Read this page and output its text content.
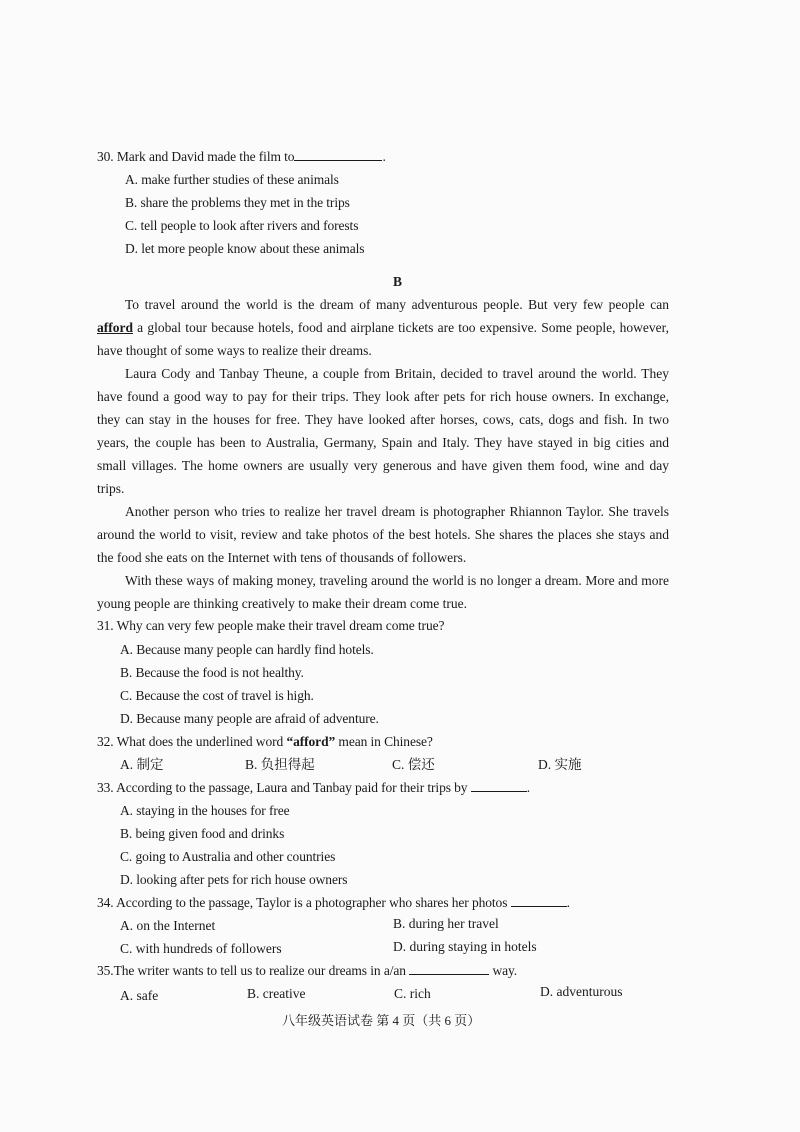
30. Mark and David made the film to	.
A. make further studies of these animals
B. share the problems they met in the trips
C. tell people to look after rivers and forests
D. let more people know about these animals
B
To travel around the world is the dream of many adventurous people. But very few people can afford a global tour because hotels, food and airplane tickets are too expensive. Some people, however, have thought of some ways to realize their dreams.
Laura Cody and Tanbay Theune, a couple from Britain, decided to travel around the world. They have found a good way to pay for their trips. They look after pets for rich house owners. In exchange, they can stay in the houses for free. They have looked after horses, cows, cats, dogs and fish. In two years, the couple has been to Australia, Germany, Spain and Italy. They have stayed in big cities and small villages. The home owners are usually very generous and have given them food, wine and day trips.
Another person who tries to realize her travel dream is photographer Rhiannon Taylor. She travels around the world to visit, review and take photos of the best hotels. She shares the places she stays and the food she eats on the Internet with tens of thousands of followers.
With these ways of making money, traveling around the world is no longer a dream. More and more young people are thinking creatively to make their dream come true.
31. Why can very few people make their travel dream come true?
A. Because many people can hardly find hotels.
B. Because the food is not healthy.
C. Because the cost of travel is high.
D. Because many people are afraid of adventure.
32. What does the underlined word “afford” mean in Chinese?
A. 制定	B. 负担得起	C. 偿还	D. 实施
33. According to the passage, Laura and Tanbay paid for their trips by	.
A. staying in the houses for free
B. being given food and drinks
C. going to Australia and other countries
D. looking after pets for rich house owners
34. According to the passage, Taylor is a photographer who shares her photos	.
A. on the Internet	B. during her travel
C. with hundreds of followers	D. during staying in hotels
35.The writer wants to tell us to realize our dreams in a/an	way.
A. safe	B. creative	C. rich	D. adventurous
八年级英语试卷 第 4 页（共 6 页）
